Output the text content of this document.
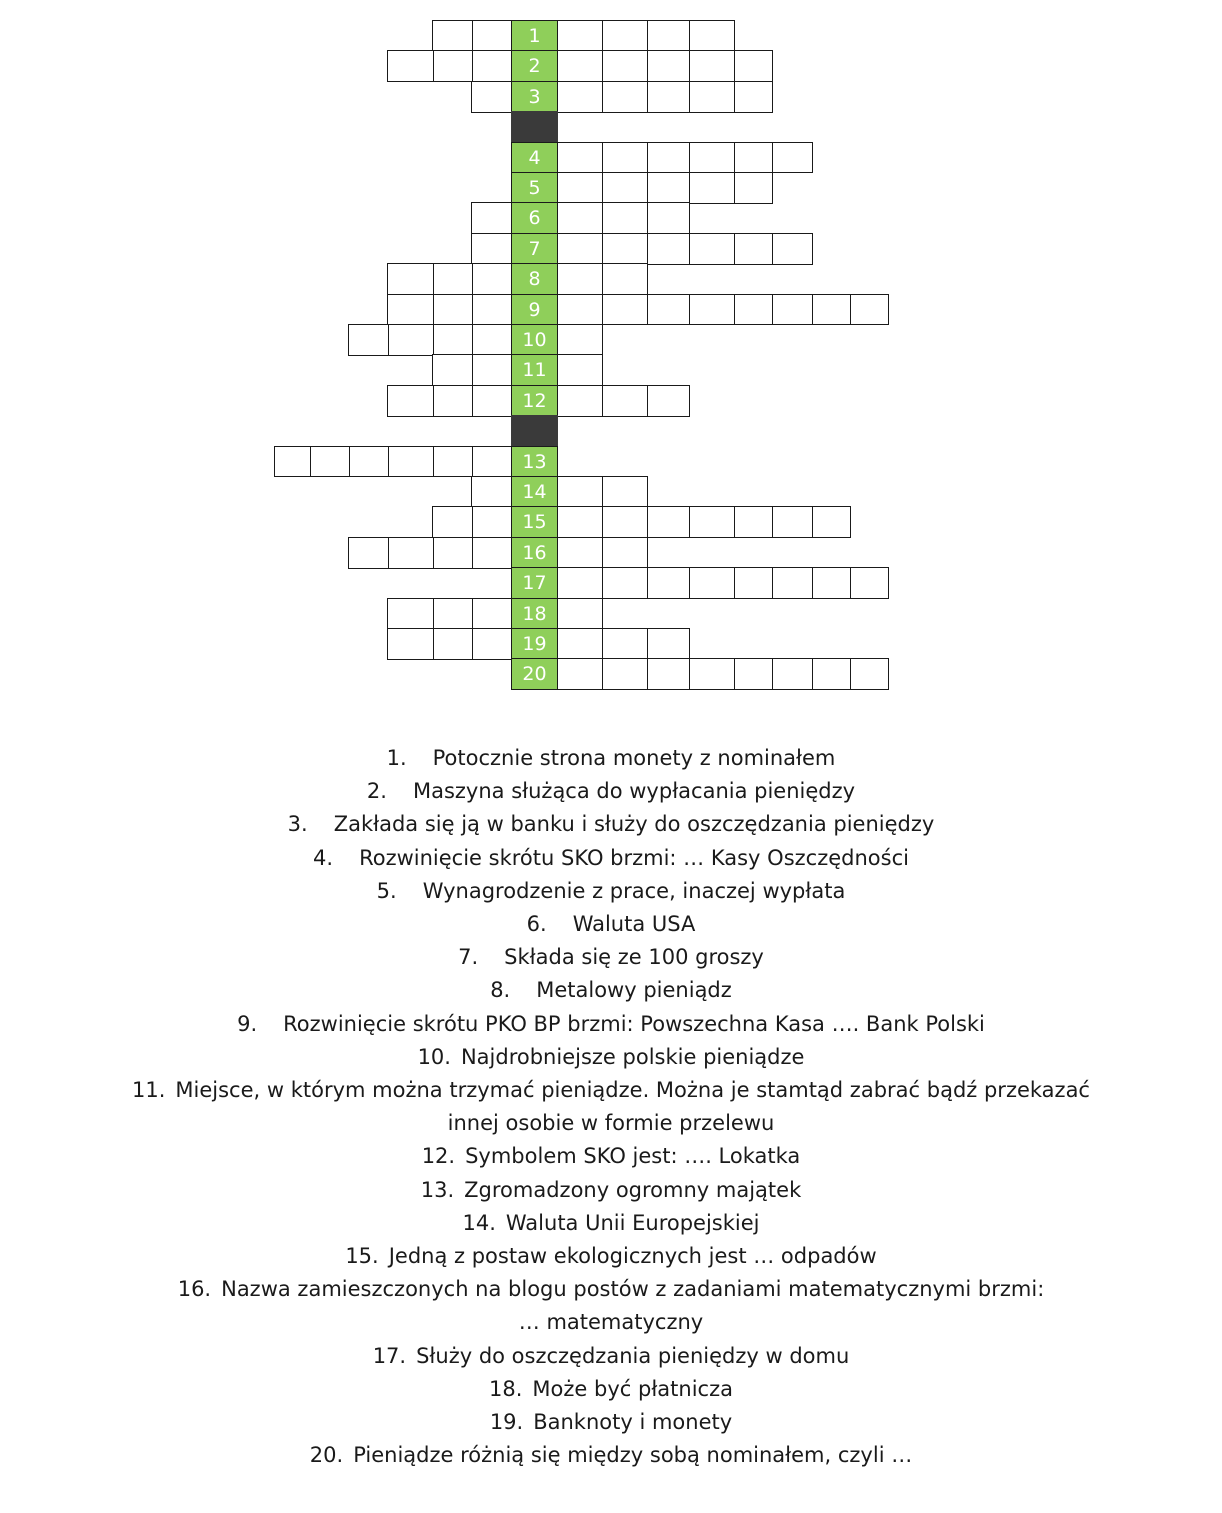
1
2
3
4
5
6
7
8
9
10
11
12
13
14
15
16
17
18
19
20
1. Potocznie strona monety z nominałem
2. Maszyna służąca do wypłacania pieniędzy
3. Zakłada się ją w banku i służy do oszczędzania pieniędzy
4. Rozwinięcie skrótu SKO brzmi: … Kasy Oszczędności
5. Wynagrodzenie z prace, inaczej wypłata
6. Waluta USA
7. Składa się ze 100 groszy
8. Metalowy pieniądz
9. Rozwinięcie skrótu PKO BP brzmi: Powszechna Kasa …. Bank Polski
10. Najdrobniejsze polskie pieniądze
11. Miejsce, w którym można trzymać pieniądze. Można je stamtąd zabrać bądź przekazać
innej osobie w formie przelewu
12. Symbolem SKO jest: …. Lokatka
13. Zgromadzony ogromny majątek
14. Waluta Unii Europejskiej
15. Jedną z postaw ekologicznych jest … odpadów
16. Nazwa zamieszczonych na blogu postów z zadaniami matematycznymi brzmi:
… matematyczny
17. Służy do oszczędzania pieniędzy w domu
18. Może być płatnicza
19. Banknoty i monety
20. Pieniądze różnią się między sobą nominałem, czyli …
